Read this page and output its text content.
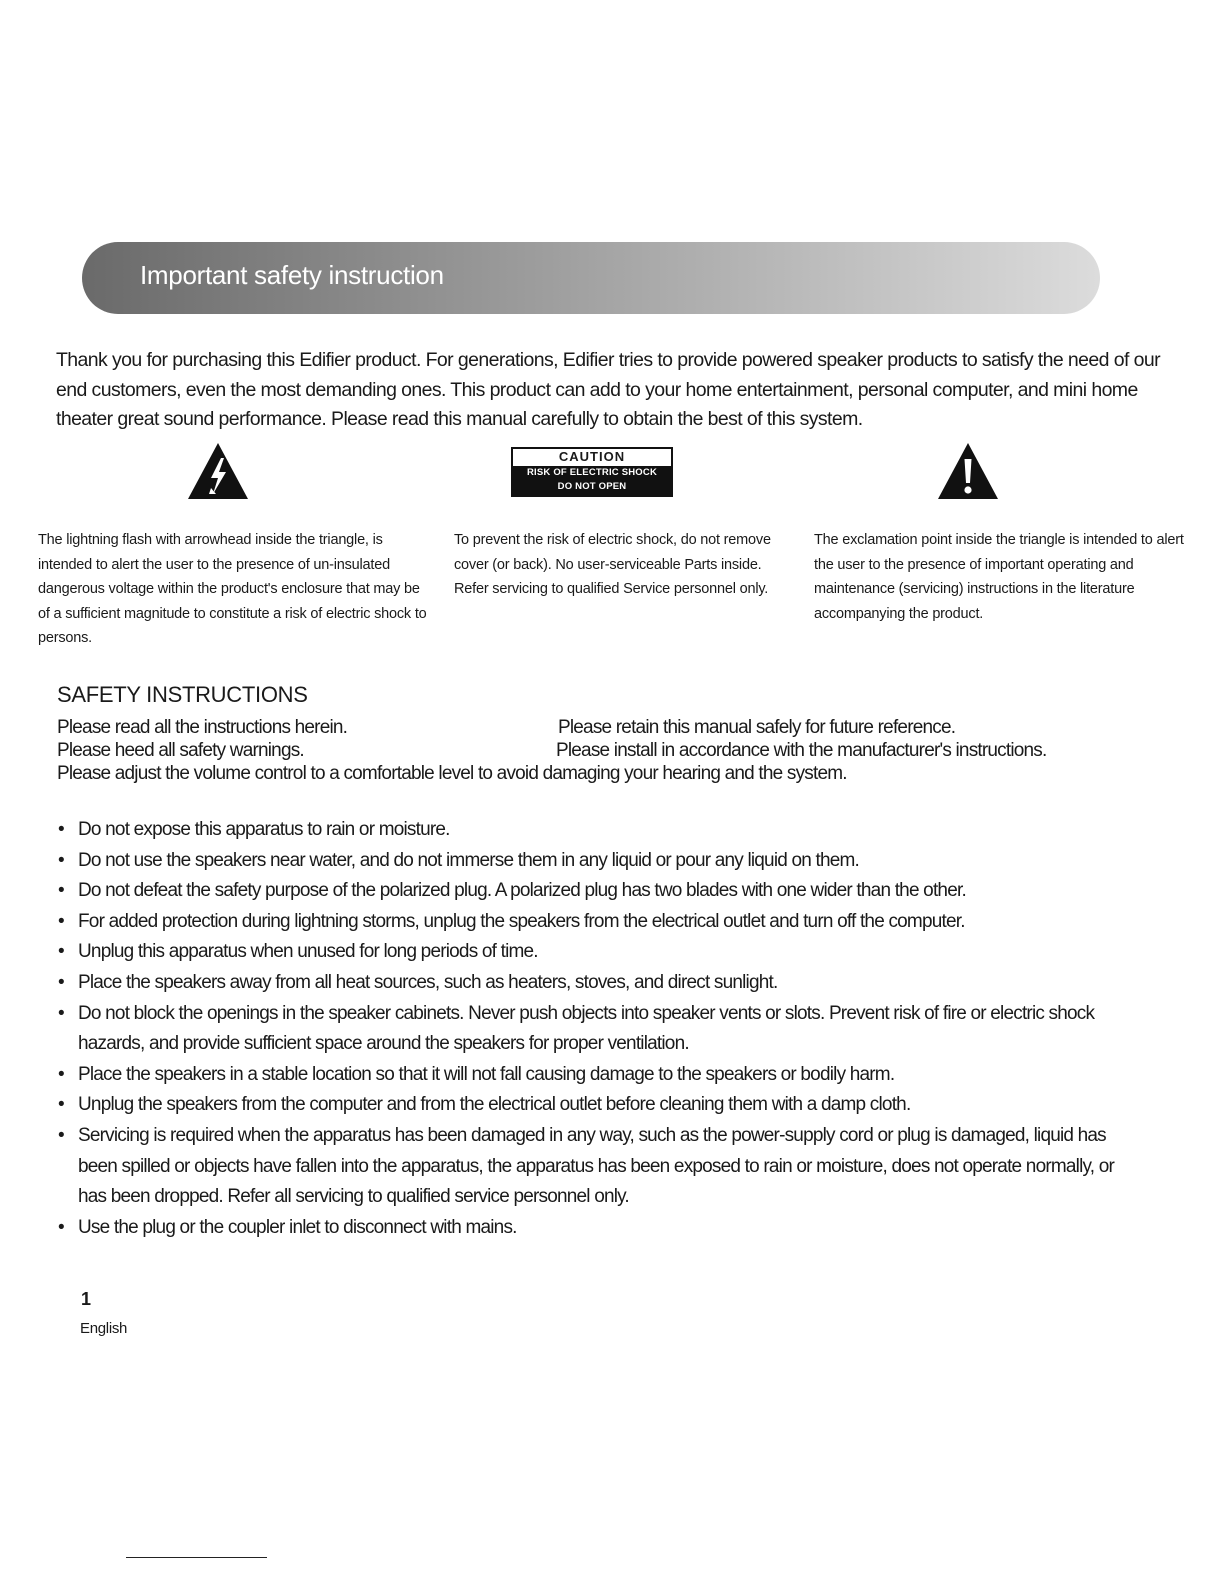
Important safety instruction

Thank you for purchasing this Edifier product. For generations, Edifier tries to provide powered speaker products to satisfy the need of our end customers, even the most demanding ones. This product can add to your home entertainment, personal computer, and mini home theater great sound performance. Please read this manual carefully to obtain the best of this system.

CAUTION
RISK OF ELECTRIC SHOCK
DO NOT OPEN

The lightning flash with arrowhead inside the triangle, is intended to alert the user to the presence of un-insulated dangerous voltage within the product's enclosure that may be of a sufficient magnitude to constitute a risk of electric shock to persons.

To prevent the risk of electric shock, do not remove cover (or back). No user-serviceable Parts inside. Refer servicing to qualified Service personnel only.

The exclamation point inside the triangle is intended to alert the user to the presence of important operating and maintenance (servicing) instructions in the literature accompanying the product.

SAFETY INSTRUCTIONS

Please read all the instructions herein.	Please retain this manual safely for future reference.

Please heed all safety warnings.	Please install in accordance with the manufacturer's instructions.

Please adjust the volume control to a comfortable level to avoid damaging your hearing and the system.

• Do not expose this apparatus to rain or moisture.
• Do not use the speakers near water, and do not immerse them in any liquid or pour any liquid on them.
• Do not defeat the safety purpose of the polarized plug. A polarized plug has two blades with one wider than the other.
• For added protection during lightning storms, unplug the speakers from the electrical outlet and turn off the computer.
• Unplug this apparatus when unused for long periods of time.
• Place the speakers away from all heat sources, such as heaters, stoves, and direct sunlight.
• Do not block the openings in the speaker cabinets. Never push objects into speaker vents or slots. Prevent risk of fire or electric shock hazards, and provide sufficient space around the speakers for proper ventilation.
• Place the speakers in a stable location so that it will not fall causing damage to the speakers or bodily harm.
• Unplug the speakers from the computer and from the electrical outlet before cleaning them with a damp cloth.
• Servicing is required when the apparatus has been damaged in any way, such as the power-supply cord or plug is damaged, liquid has been spilled or objects have fallen into the apparatus, the apparatus has been exposed to rain or moisture, does not operate normally, or has been dropped. Refer all servicing to qualified service personnel only.
• Use the plug or the coupler inlet to disconnect with mains.

1

English
